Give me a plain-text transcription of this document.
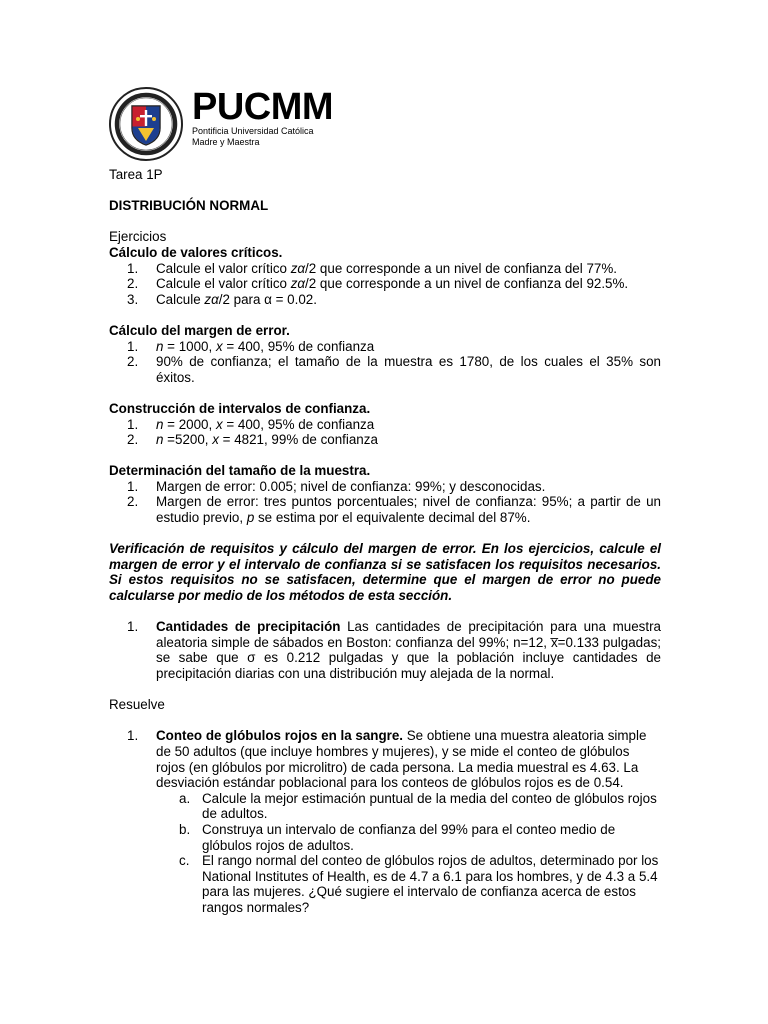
PUCMM
Pontificia Universidad Católica
Madre y Maestra

Tarea 1P

DISTRIBUCIÓN NORMAL

Ejercicios

Cálculo de valores críticos.

1. Calcule el valor crítico zα/2 que corresponde a un nivel de confianza del 77%.
2. Calcule el valor crítico zα/2 que corresponde a un nivel de confianza del 92.5%.
3. Calcule zα/2 para α = 0.02.

Cálculo del margen de error.

1. n = 1000, x = 400, 95% de confianza
2. 90% de confianza; el tamaño de la muestra es 1780, de los cuales el 35% son éxitos.

Construcción de intervalos de confianza.

1. n = 2000, x = 400, 95% de confianza
2. n =5200, x = 4821, 99% de confianza

Determinación del tamaño de la muestra.

1. Margen de error: 0.005; nivel de confianza: 99%; y desconocidas.
2. Margen de error: tres puntos porcentuales; nivel de confianza: 95%; a partir de un estudio previo, p se estima por el equivalente decimal del 87%.

Verificación de requisitos y cálculo del margen de error. En los ejercicios, calcule el margen de error y el intervalo de confianza si se satisfacen los requisitos necesarios. Si estos requisitos no se satisfacen, determine que el margen de error no puede calcularse por medio de los métodos de esta sección.

1. Cantidades de precipitación Las cantidades de precipitación para una muestra aleatoria simple de sábados en Boston: confianza del 99%; n=12, x̅=0.133 pulgadas; se sabe que σ es 0.212 pulgadas y que la población incluye cantidades de precipitación diarias con una distribución muy alejada de la normal.

Resuelve

1. Conteo de glóbulos rojos en la sangre. Se obtiene una muestra aleatoria simple de 50 adultos (que incluye hombres y mujeres), y se mide el conteo de glóbulos rojos (en glóbulos por microlitro) de cada persona. La media muestral es 4.63. La desviación estándar poblacional para los conteos de glóbulos rojos es de 0.54.
a. Calcule la mejor estimación puntual de la media del conteo de glóbulos rojos de adultos.
b. Construya un intervalo de confianza del 99% para el conteo medio de glóbulos rojos de adultos.
c. El rango normal del conteo de glóbulos rojos de adultos, determinado por los National Institutes of Health, es de 4.7 a 6.1 para los hombres, y de 4.3 a 5.4 para las mujeres. ¿Qué sugiere el intervalo de confianza acerca de estos rangos normales?
